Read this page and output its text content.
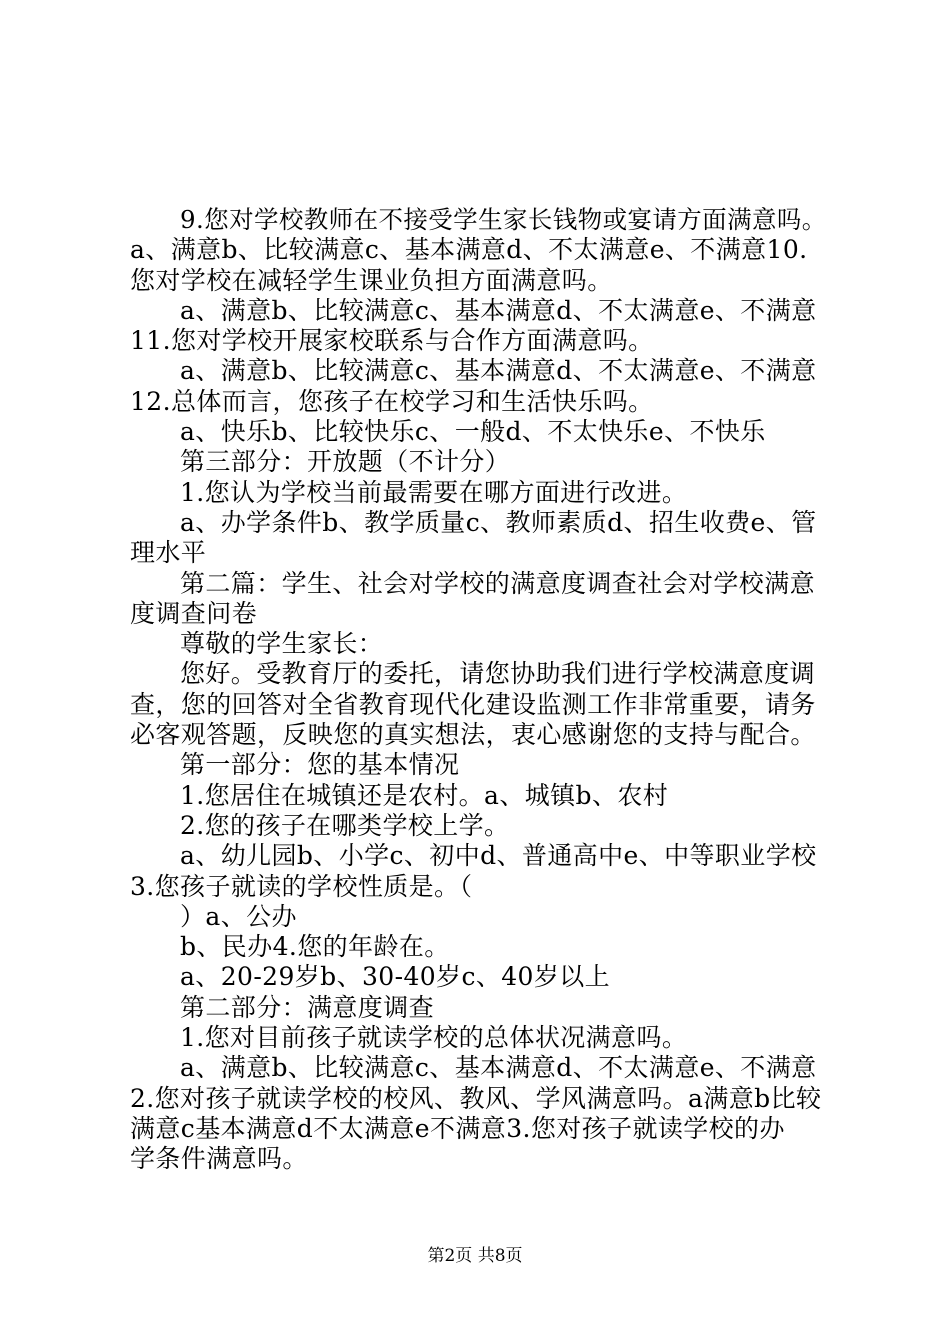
9.您对学校教师在不接受学生家长钱物或宴请方面满意吗。
a、满意b、比较满意c、基本满意d、不太满意e、不满意10.
您对学校在减轻学生课业负担方面满意吗。
a、满意b、比较满意c、基本满意d、不太满意e、不满意
11.您对学校开展家校联系与合作方面满意吗。
a、满意b、比较满意c、基本满意d、不太满意e、不满意
12.总体而言，您孩子在校学习和生活快乐吗。
a、快乐b、比较快乐c、一般d、不太快乐e、不快乐
第三部分：开放题（不计分）
1.您认为学校当前最需要在哪方面进行改进。
a、办学条件b、教学质量c、教师素质d、招生收费e、管
理水平
第二篇：学生、社会对学校的满意度调查社会对学校满意
度调查问卷
尊敬的学生家长：
您好。受教育厅的委托，请您协助我们进行学校满意度调
查，您的回答对全省教育现代化建设监测工作非常重要，请务
必客观答题，反映您的真实想法，衷心感谢您的支持与配合。
第一部分：您的基本情况
1.您居住在城镇还是农村。a、城镇b、农村
2.您的孩子在哪类学校上学。
a、幼儿园b、小学c、初中d、普通高中e、中等职业学校
3.您孩子就读的学校性质是。（
）a、公办
b、民办4.您的年龄在。
a、20-29岁b、30-40岁c、40岁以上
第二部分：满意度调查
1.您对目前孩子就读学校的总体状况满意吗。
a、满意b、比较满意c、基本满意d、不太满意e、不满意
2.您对孩子就读学校的校风、教风、学风满意吗。a满意b比较
满意c基本满意d不太满意e不满意3.您对孩子就读学校的办
学条件满意吗。
第2页 共8页
